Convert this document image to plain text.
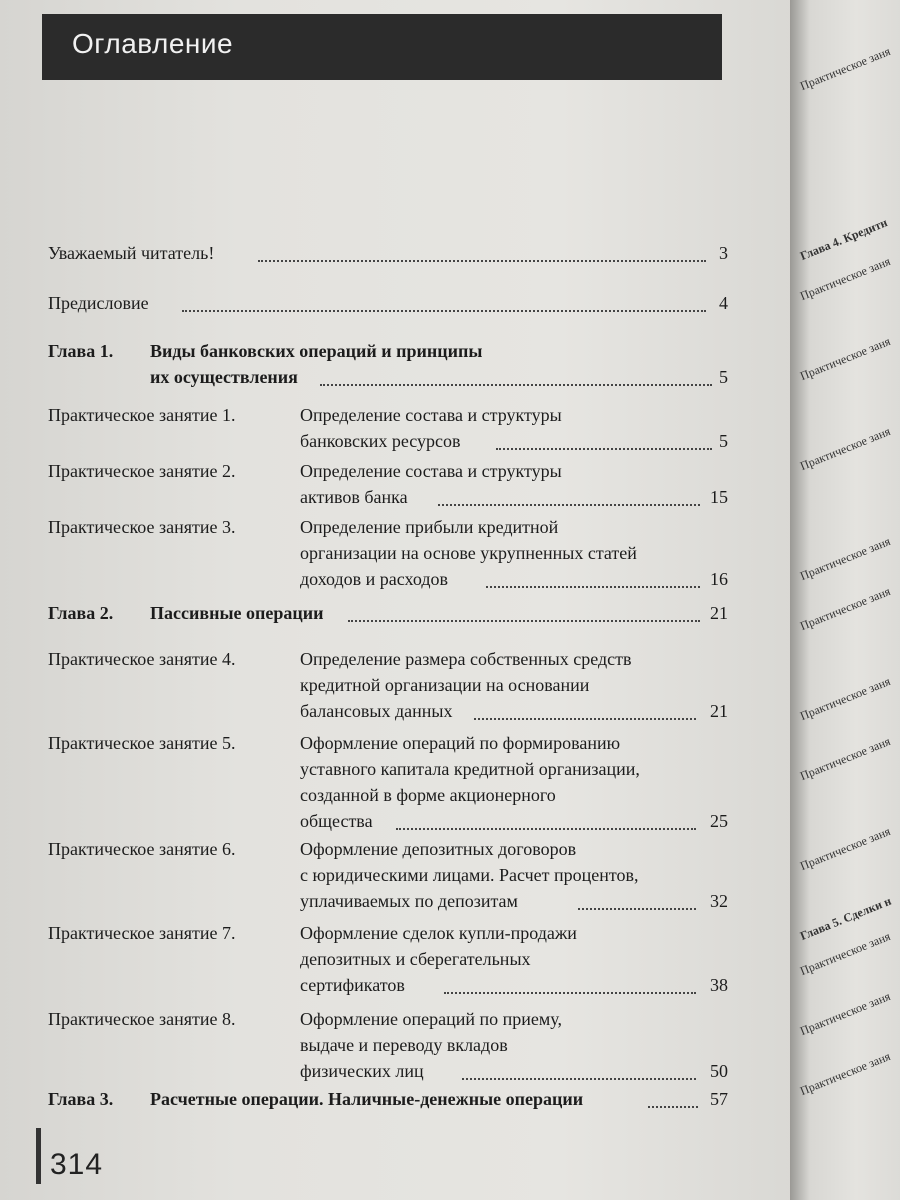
Оглавление
Уважаемый читатель!	3
Предисловие	4
Глава 1. Виды банковских операций и принципы
их осуществления	5
Практическое занятие 1.	Определение состава и структуры
банковских ресурсов	5
Практическое занятие 2.	Определение состава и структуры
активов банка	15
Практическое занятие 3.	Определение прибыли кредитной
организации на основе укрупненных статей
доходов и расходов	16
Глава 2. Пассивные операции	21
Практическое занятие 4.	Определение размера собственных средств
кредитной организации на основании
балансовых данных	21
Практическое занятие 5.	Оформление операций по формированию
уставного капитала кредитной организации,
созданной в форме акционерного
общества	25
Практическое занятие 6.	Оформление депозитных договоров
с юридическими лицами. Расчет процентов,
уплачиваемых по депозитам	32
Практическое занятие 7.	Оформление сделок купли-продажи
депозитных и сберегательных
сертификатов	38
Практическое занятие 8.	Оформление операций по приему,
выдаче и переводу вкладов
физических лиц	50
Глава 3. Расчетные операции. Наличные-денежные операции	57
314
Практическое заня
Глава 4. Кредитн
Практическое заня
Практическое заня
Практическое заня
Практическое заня
Практическое заня
Практическое заня
Практическое заня
Практическое заня
Глава 5. Сделки н
Практическое заня
Практическое заня
Практическое заня
